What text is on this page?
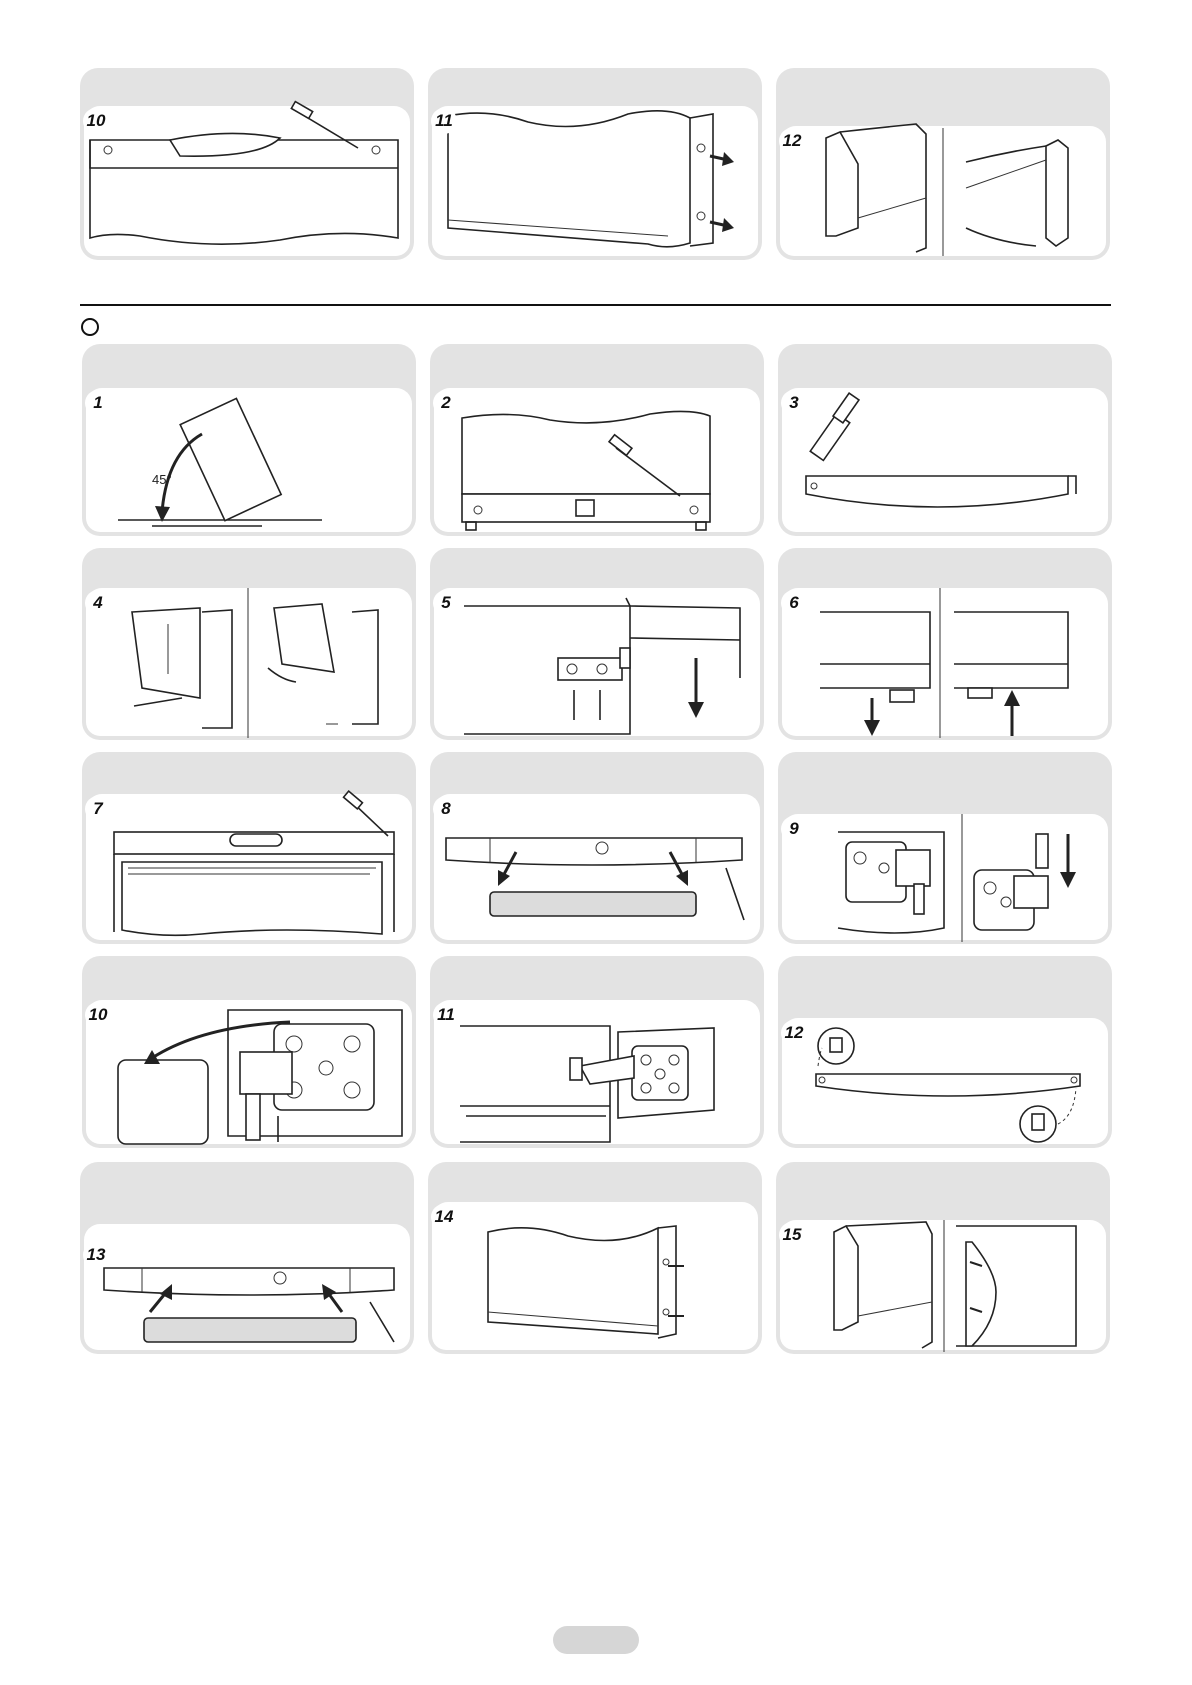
10	11
12
1
45°
2	3
4	5	6
7	8
9
10	11
12
13
14
15
